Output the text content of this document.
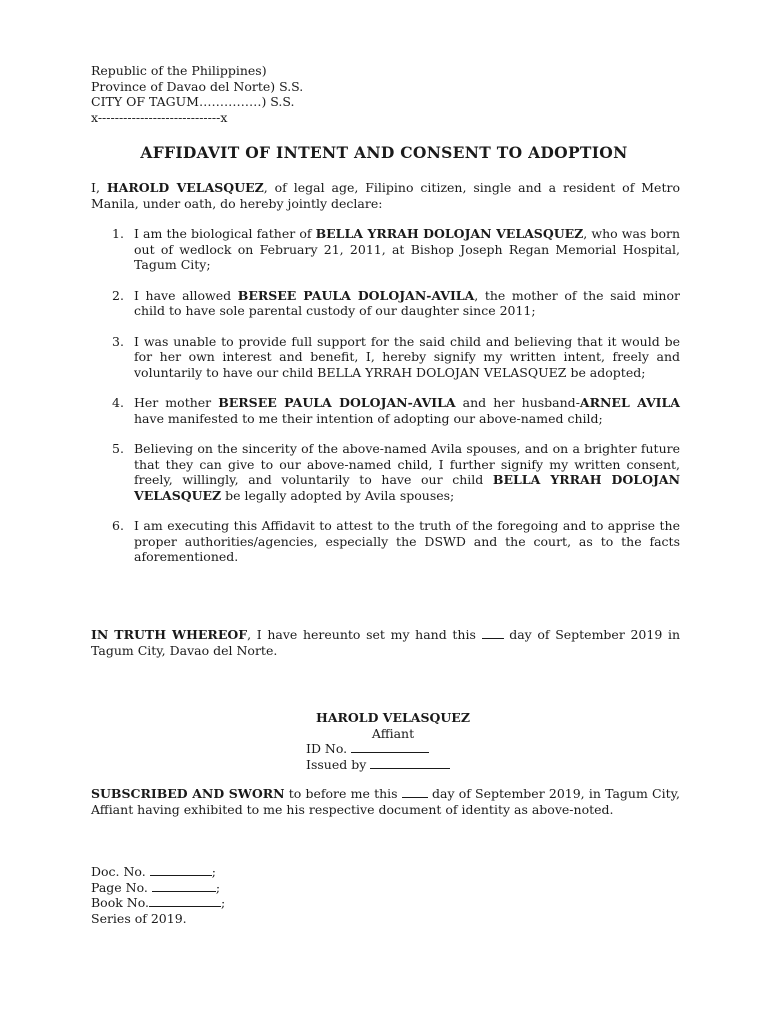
Republic of the Philippines)
Province of Davao del Norte) S.S.
CITY OF TAGUM……………) S.S.
x-----------------------------x
AFFIDAVIT OF INTENT AND CONSENT TO ADOPTION
I, HAROLD VELASQUEZ, of legal age, Filipino citizen, single and a resident of Metro Manila, under oath, do hereby jointly declare:
1. I am the biological father of BELLA YRRAH DOLOJAN VELASQUEZ, who was born out of wedlock on February 21, 2011, at Bishop Joseph Regan Memorial Hospital, Tagum City;
2. I have allowed BERSEE PAULA DOLOJAN-AVILA, the mother of the said minor child to have sole parental custody of our daughter since 2011;
3. I was unable to provide full support for the said child and believing that it would be for her own interest and benefit, I, hereby signify my written intent, freely and voluntarily to have our child BELLA YRRAH DOLOJAN VELASQUEZ be adopted;
4. Her mother BERSEE PAULA DOLOJAN-AVILA and her husband-ARNEL AVILA have manifested to me their intention of adopting our above-named child;
5. Believing on the sincerity of the above-named Avila spouses, and on a brighter future that they can give to our above-named child, I further signify my written consent, freely, willingly, and voluntarily to have our child BELLA YRRAH DOLOJAN VELASQUEZ be legally adopted by Avila spouses;
6. I am executing this Affidavit to attest to the truth of the foregoing and to apprise the proper authorities/agencies, especially the DSWD and the court, as to the facts aforementioned.
IN TRUTH WHEREOF, I have hereunto set my hand this  day of September 2019 in Tagum City, Davao del Norte.
HAROLD VELASQUEZ
Affiant
ID No.
Issued by
SUBSCRIBED AND SWORN to before me this  day of September 2019, in Tagum City, Affiant having exhibited to me his respective document of identity as above-noted.
Doc. No.	;
Page No.	;
Book No.	;
Series of 2019.
